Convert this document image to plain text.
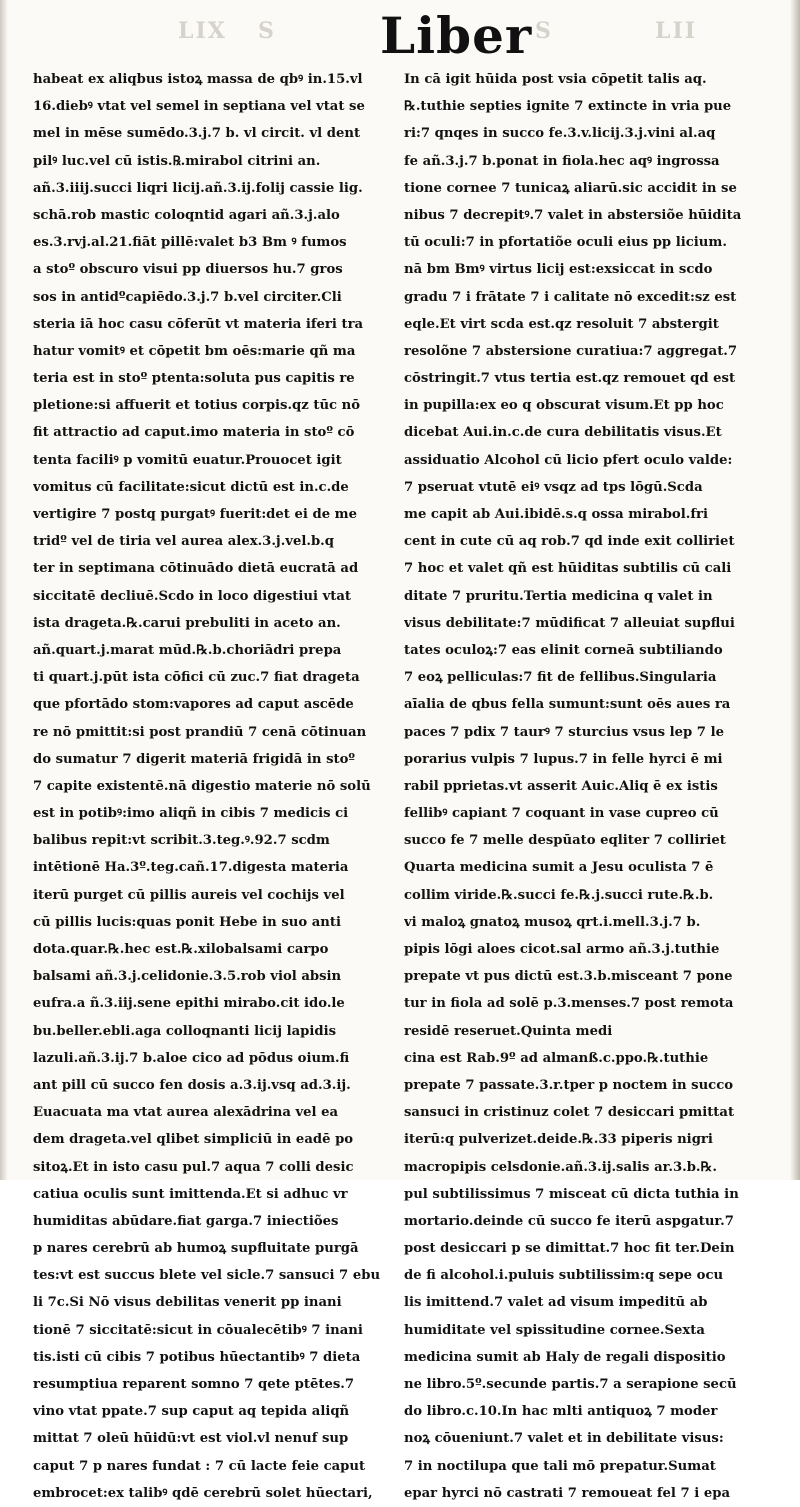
LIX S	S	LII
Liber
habeat ex aliqbus istoꝝ massa de qbꝰ in.15.vl
16.diebꝰ vtat vel semel in septiana vel vtat se
mel in mēse sumēdo.3.j.7 b. vl circit. vl dent
pilꝰ luc.vel cū istis.℞.mirabol citrini an.
añ.3.iiij.succi liqri licij.añ.3.ij.folij cassie lig.
schā.rob mastic coloqntid agari añ.3.j.alo
es.3.rvj.al.21.fiāt pillē:valet b3 Bm ꝰ fumos
a stoº obscuro visui pp diuersos hu.7 gros
sos in antidºcapiēdo.3.j.7 b.vel circiter.Cli
steria iā hoc casu cōferūt vt materia iferi tra
hatur vomitꝰ et cōpetit bm oēs:marie qñ ma
teria est in stoº ptenta:soluta pus capitis re
pletione:si affuerit et totius corpis.qz tūc nō
fit attractio ad caput.imo materia in stoº cō
tenta faciliꝰ p vomitū euatur.Prouocet igit
vomitus cū facilitate:sicut dictū est in.c.de
vertigire 7 postq purgatꝰ fuerit:det ei de me
tridº vel de tiria vel aurea alex.3.j.vel.b.q
ter in septimana cōtinuādo dietā eucratā ad
siccitatē decliuē.Scdo in loco digestiui vtat
ista drageta.℞.carui prebuliti in aceto an.
añ.quart.j.marat mūd.℞.b.choriādri prepa
ti quart.j.pūt ista cōfici cū zuc.7 fiat drageta
que pfortādo stom:vapores ad caput ascēde
re nō pmittit:si post prandiū 7 cenā cōtinuan
do sumatur 7 digerit materiā frigidā in stoº
7 capite existentē.nā digestio materie nō solū
est in potibꝰ:imo aliqñ in cibis 7 medicis ci
balibus repit:vt scribit.3.teg.ꝰ.92.7 scdm
intētionē Ha.3º.teg.cañ.17.digesta materia
iterū purget cū pillis aureis vel cochijs vel
cū pillis lucis:quas ponit Hebe in suo anti
dota.quar.℞.hec est.℞.xilobalsami carpo
balsami añ.3.j.celidonie.3.5.rob viol absin
eufra.a ñ.3.iij.sene epithi mirabo.cit ido.le
bu.beller.ebli.aga colloqnanti licij lapidis
lazuli.añ.3.ij.7 b.aloe cico ad pōdus oium.fi
ant pill cū succo fen dosis a.3.ij.vsq ad.3.ij.
Euacuata ma vtat aurea alexādrina vel ea
dem drageta.vel qlibet simpliciū in eadē po
sitoꝝ.Et in isto casu pul.7 aqua 7 colli desic
catiua oculis sunt imittenda.Et si adhuc vr
humiditas abūdare.fiat garga.7 iniectiões
p nares cerebrū ab humoꝝ supfluitate purgā
tes:vt est succus blete vel sicle.7 sansuci 7 ebu
li 7c.Si Nō visus debilitas venerit pp inani
tionē 7 siccitatē:sicut in cōualecētibꝰ 7 inani
tis.isti cū cibis 7 potibus hūectantibꝰ 7 dieta
resumptiua reparent somno 7 qete ptētes.7
vino vtat ppate.7 sup caput aq tepida aliqñ
mittat 7 oleū hūidū:vt est viol.vl nenuf sup
caput 7 p nares fundat : 7 cū lacte feie caput
embrocet:ex talibꝰ qdē cerebrū solet hūectari,
In cā igit hūida post vsia cōpetit talis aq.
℞.tuthie septies ignite 7 extincte in vria pue
ri:7 qnqes in succo fe.3.v.licij.3.j.vini al.aq
fe añ.3.j.7 b.ponat in fiola.hec aqꝰ ingrossa
tione cornee 7 tunicaꝝ aliarū.sic accidit in se
nibus 7 decrepitꝰ.7 valet in abstersiõe hūidita
tū oculi:7 in pfortatiõe oculi eius pp licium.
nā bm Bmꝰ virtus licij est:exsiccat in scdo
gradu 7 i frātate 7 i calitate nō excedit:sz est
eqle.Et virt scda est.qz resoluit 7 abstergit
resolõne 7 abstersione curatiua:7 aggregat.7
cōstringit.7 vtus tertia est.qz remouet qd est
in pupilla:ex eo q obscurat visum.Et pp hoc
dicebat Aui.in.c.de cura debilitatis visus.Et
assiduatio Alcohol cū licio pfert oculo valde:
7 pseruat vtutē eiꝰ vsqz ad tps lōgū.Scda
me capit ab Aui.ibidē.s.q ossa mirabol.fri
cent in cute cū aq rob.7 qd inde exit colliriet
7 hoc et valet qñ est hūiditas subtilis cū cali
ditate 7 pruritu.Tertia medicina q valet in
visus debilitate:7 mūdificat 7 alleuiat supflui
tates oculoꝝ:7 eas elinit corneā subtiliando
7 eoꝝ pelliculas:7 fit de fellibus.Singularia
aīalia de qbus fella sumunt:sunt oēs aues ra
paces 7 pdix 7 taurꝰ 7 sturcius vsus lep 7 le
porarius vulpis 7 lupus.7 in felle hyrci ē mi
rabil pprietas.vt asserit Auic.Aliq ē ex istis
fellibꝰ capiant 7 coquant in vase cupreo cū
succo fe 7 melle despūato eqliter 7 colliriet
Quarta medicina sumit a Jesu oculista 7 ē
collim viride.℞.succi fe.℞.j.succi rute.℞.b.
vi maloꝝ gnatoꝝ musoꝝ qrt.i.mell.3.j.7 b.
pipis lōgi aloes cicot.sal armo añ.3.j.tuthie
prepate vt pus dictū est.3.b.misceant 7 pone
tur in fiola ad solē p.3.menses.7 post remota
residē reseruet.Quinta medi
cina est Rab.9º ad almanß.c.ppo.℞.tuthie
prepate 7 passate.3.r.tper p noctem in succo
sansuci in cristinuz colet 7 desiccari pmittat
iterū:q pulverizet.deide.℞.33 piperis nigri
macropipis celsdonie.añ.3.ij.salis ar.3.b.℞.
pul subtilissimus 7 misceat cū dicta tuthia in
mortario.deinde cū succo fe iterū aspgatur.7
post desiccari p se dimittat.7 hoc fit ter.Dein
de fi alcohol.i.puluis subtilissim:q sepe ocu
lis imittend.7 valet ad visum impeditū ab
humiditate vel spissitudine cornee.Sexta
medicina sumit ab Haly de regali dispositio
ne libro.5º.secunde partis.7 a serapione secū
do libro.c.10.In hac mlti antiquoꝝ 7 moder
noꝝ cōueniunt.7 valet et in debilitate visus:
7 in noctilupa que tali mō prepatur.Sumat
epar hyrci nō castrati 7 remoueat fel 7 i epa
